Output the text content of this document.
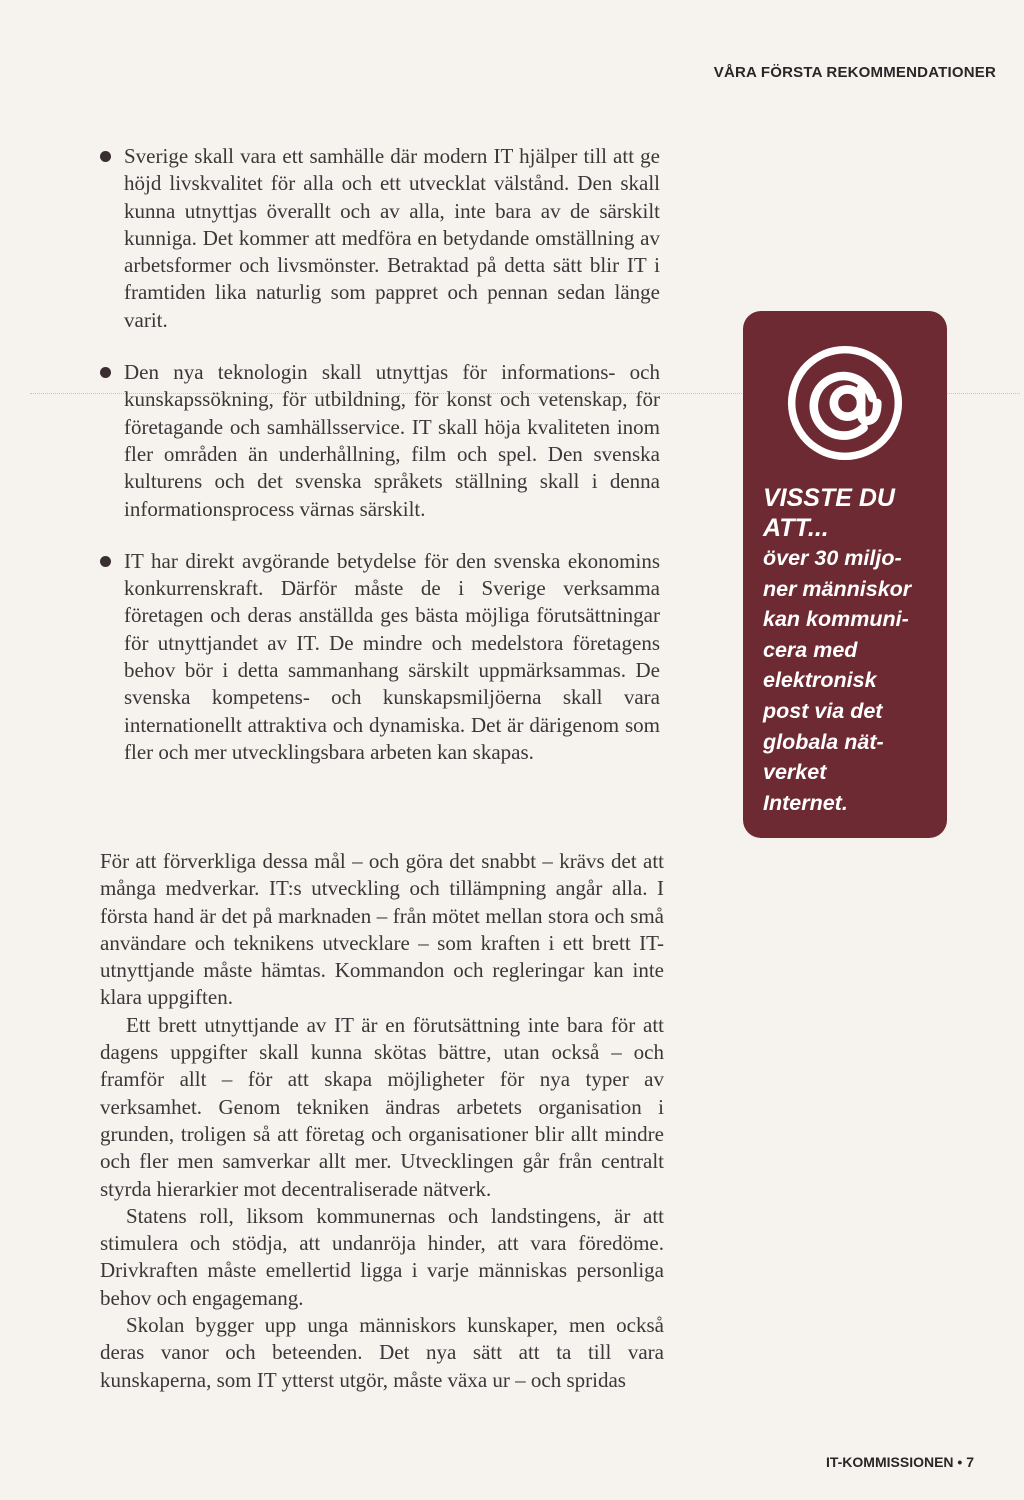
VÅRA FÖRSTA REKOMMENDATIONER
Sverige skall vara ett samhälle där modern IT hjälper till att ge höjd livskvalitet för alla och ett utvecklat välstånd. Den skall kunna utnyttjas överallt och av alla, inte bara av de särskilt kunniga. Det kommer att medföra en betydande omställning av arbetsformer och livsmönster. Betraktad på detta sätt blir IT i framtiden lika naturlig som pappret och pennan sedan länge varit.
Den nya teknologin skall utnyttjas för informations- och kunskapssökning, för utbildning, för konst och vetenskap, för företagande och samhällsservice. IT skall höja kvaliteten inom fler områden än underhållning, film och spel. Den svenska kulturens och det svenska språkets ställning skall i denna informationsprocess värnas särskilt.
IT har direkt avgörande betydelse för den svenska ekonomins konkurrenskraft. Därför måste de i Sverige verksamma företagen och deras anställda ges bästa möjliga förutsättningar för utnyttjandet av IT. De mindre och medelstora företagens behov bör i detta sammanhang särskilt uppmärksammas. De svenska kompetens- och kunskapsmiljöerna skall vara internationellt attraktiva och dynamiska. Det är därigenom som fler och mer utvecklingsbara arbeten kan skapas.

För att förverkliga dessa mål – och göra det snabbt – krävs det att många medverkar. IT:s utveckling och tillämpning angår alla. I första hand är det på marknaden – från mötet mellan stora och små användare och teknikens utvecklare – som kraften i ett brett IT-utnyttjande måste hämtas. Kommandon och regleringar kan inte klara uppgiften.

Ett brett utnyttjande av IT är en förutsättning inte bara för att dagens uppgifter skall kunna skötas bättre, utan också – och framför allt – för att skapa möjligheter för nya typer av verksamhet. Genom tekniken ändras arbetets organisation i grunden, troligen så att företag och organisationer blir allt mindre och fler men samverkar allt mer. Utvecklingen går från centralt styrda hierarkier mot decentraliserade nätverk.

Statens roll, liksom kommunernas och landstingens, är att stimulera och stödja, att undanröja hinder, att vara föredöme. Drivkraften måste emellertid ligga i varje människas personliga behov och engagemang.

Skolan bygger upp unga människors kunskaper, men också deras vanor och beteenden. Det nya sätt att ta till vara kunskaperna, som IT ytterst utgör, måste växa ur – och spridas

VISSTE DU
ATT...
över 30 miljo-
ner människor
kan kommuni-
cera med
elektronisk
post via det
globala nät-
verket
Internet.
IT-KOMMISSIONEN • 7
